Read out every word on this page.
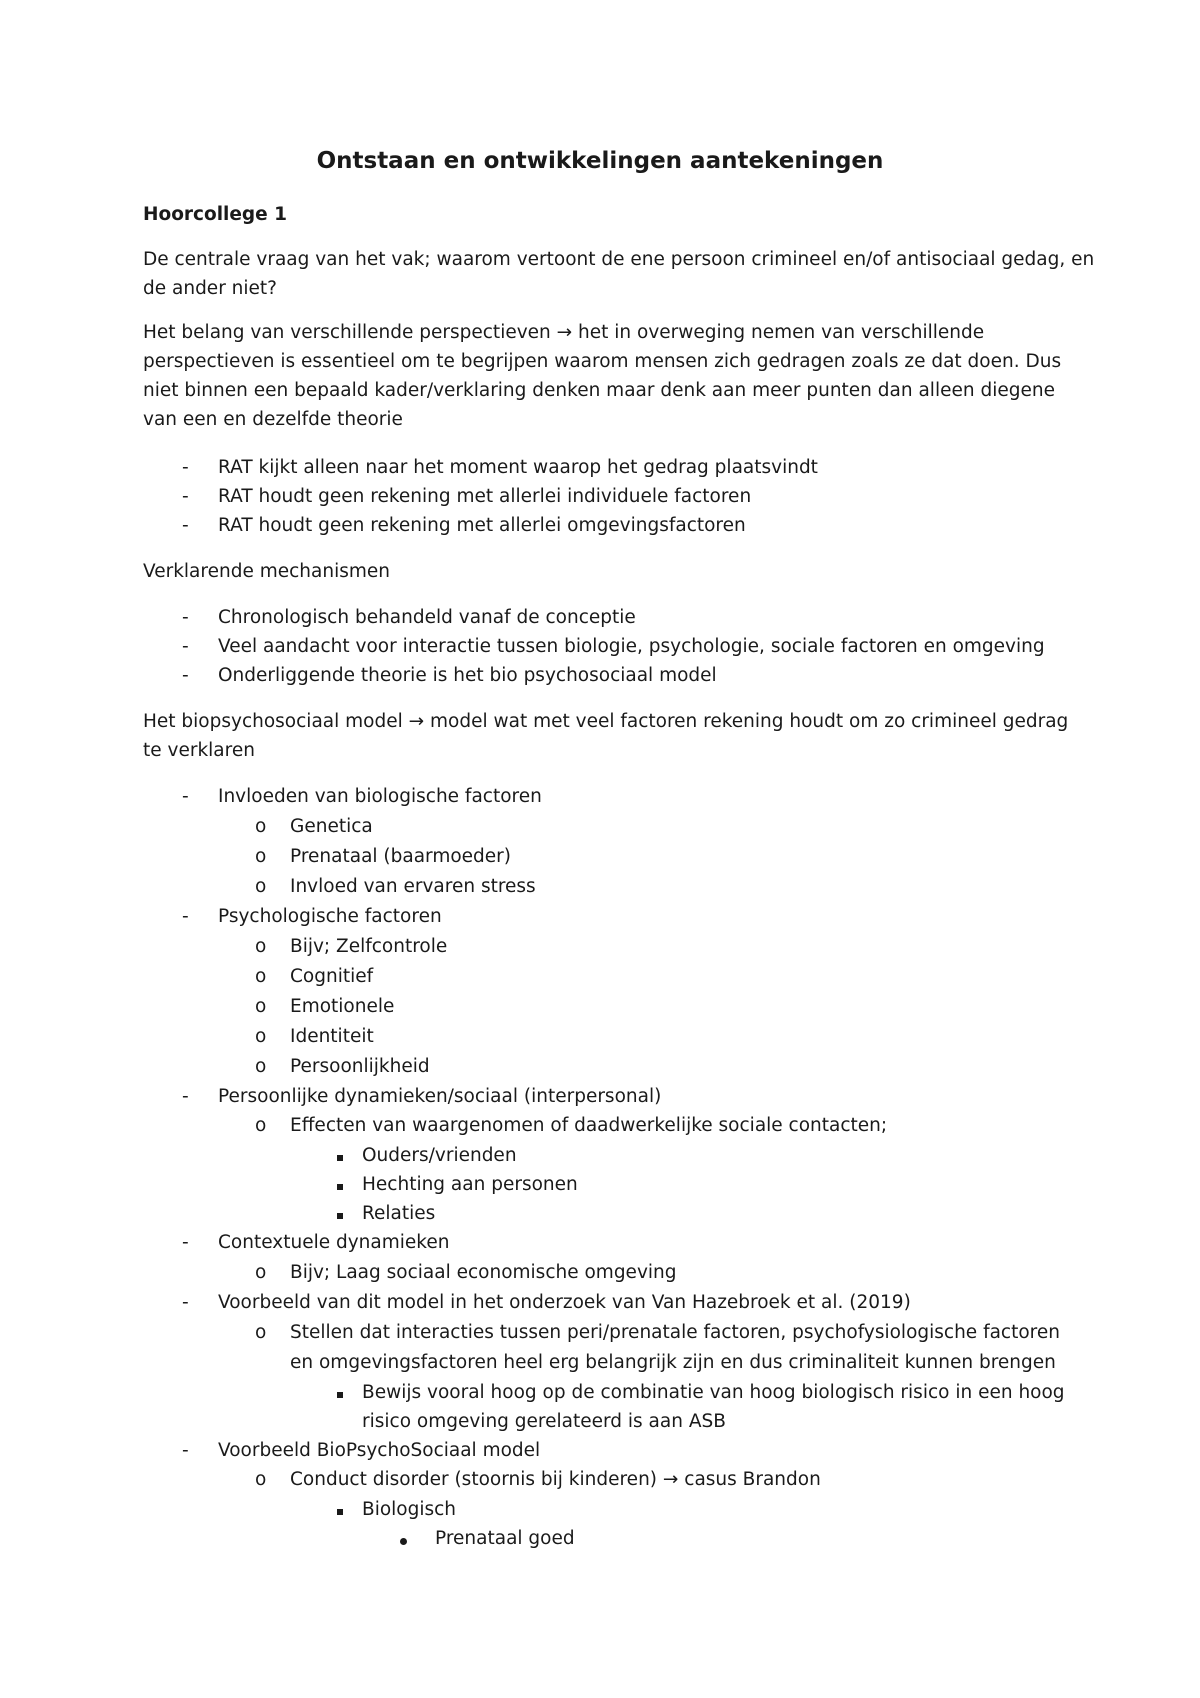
Ontstaan en ontwikkelingen aantekeningen
Hoorcollege 1
De centrale vraag van het vak; waarom vertoont de ene persoon crimineel en/of antisociaal gedag, en
de ander niet?
Het belang van verschillende perspectieven → het in overweging nemen van verschillende
perspectieven is essentieel om te begrijpen waarom mensen zich gedragen zoals ze dat doen. Dus
niet binnen een bepaald kader/verklaring denken maar denk aan meer punten dan alleen diegene
van een en dezelfde theorie
- RAT kijkt alleen naar het moment waarop het gedrag plaatsvindt
- RAT houdt geen rekening met allerlei individuele factoren
- RAT houdt geen rekening met allerlei omgevingsfactoren
Verklarende mechanismen
- Chronologisch behandeld vanaf de conceptie
- Veel aandacht voor interactie tussen biologie, psychologie, sociale factoren en omgeving
- Onderliggende theorie is het bio psychosociaal model
Het biopsychosociaal model → model wat met veel factoren rekening houdt om zo crimineel gedrag
te verklaren
- Invloeden van biologische factoren
o Genetica
o Prenataal (baarmoeder)
o Invloed van ervaren stress
- Psychologische factoren
o Bijv; Zelfcontrole
o Cognitief
o Emotionele
o Identiteit
o Persoonlijkheid
- Persoonlijke dynamieken/sociaal (interpersonal)
o Effecten van waargenomen of daadwerkelijke sociale contacten;
Ouders/vrienden
Hechting aan personen
Relaties
- Contextuele dynamieken
o Bijv; Laag sociaal economische omgeving
- Voorbeeld van dit model in het onderzoek van Van Hazebroek et al. (2019)
o Stellen dat interacties tussen peri/prenatale factoren, psychofysiologische factoren
en omgevingsfactoren heel erg belangrijk zijn en dus criminaliteit kunnen brengen
Bewijs vooral hoog op de combinatie van hoog biologisch risico in een hoog
risico omgeving gerelateerd is aan ASB
- Voorbeeld BioPsychoSociaal model
o Conduct disorder (stoornis bij kinderen) → casus Brandon
Biologisch
Prenataal goed
